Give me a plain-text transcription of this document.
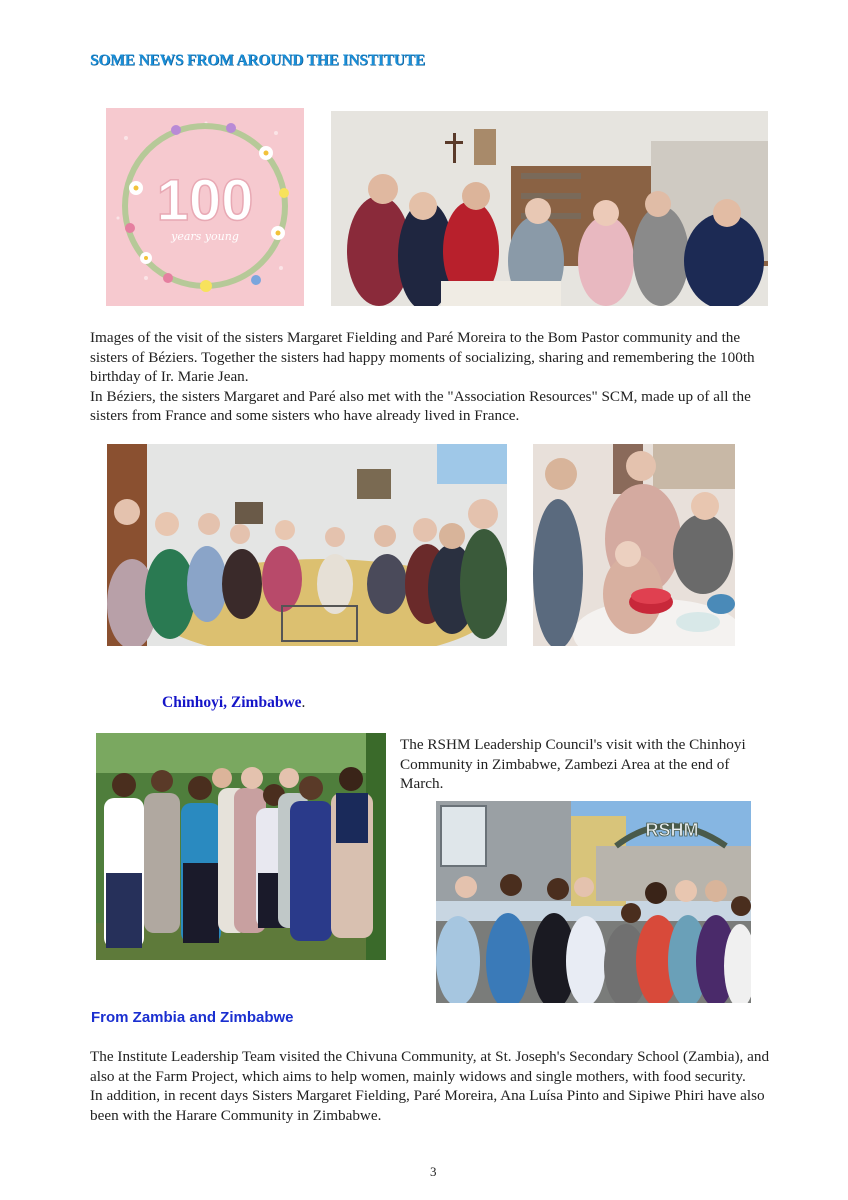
SOME NEWS FROM AROUND THE INSTITUTE
100
years young

Images of the visit of the sisters Margaret Fielding and Paré Moreira to the Bom Pastor community and the sisters of Béziers. Together the sisters had happy moments of socializing, sharing and remembering the 100th birthday of Ir. Marie Jean.

In Béziers, the sisters Margaret and Paré also met with the "Association Resources" SCM, made up of all the sisters from France and some sisters who have already lived in France.

Chinhoyi, Zimbabwe.
The RSHM Leadership Council's visit with the Chinhoyi Community in Zimbabwe, Zambezi Area at the end of March.
RSHM
From Zambia and Zimbabwe

The Institute Leadership Team visited the Chivuna Community, at St. Joseph's Secondary School (Zambia), and also at the Farm Project, which aims to help women, mainly widows and single mothers, with food security.

In addition, in recent days Sisters Margaret Fielding, Paré Moreira, Ana Luísa Pinto and Sipiwe Phiri have also been with the Harare Community in Zimbabwe.

3
